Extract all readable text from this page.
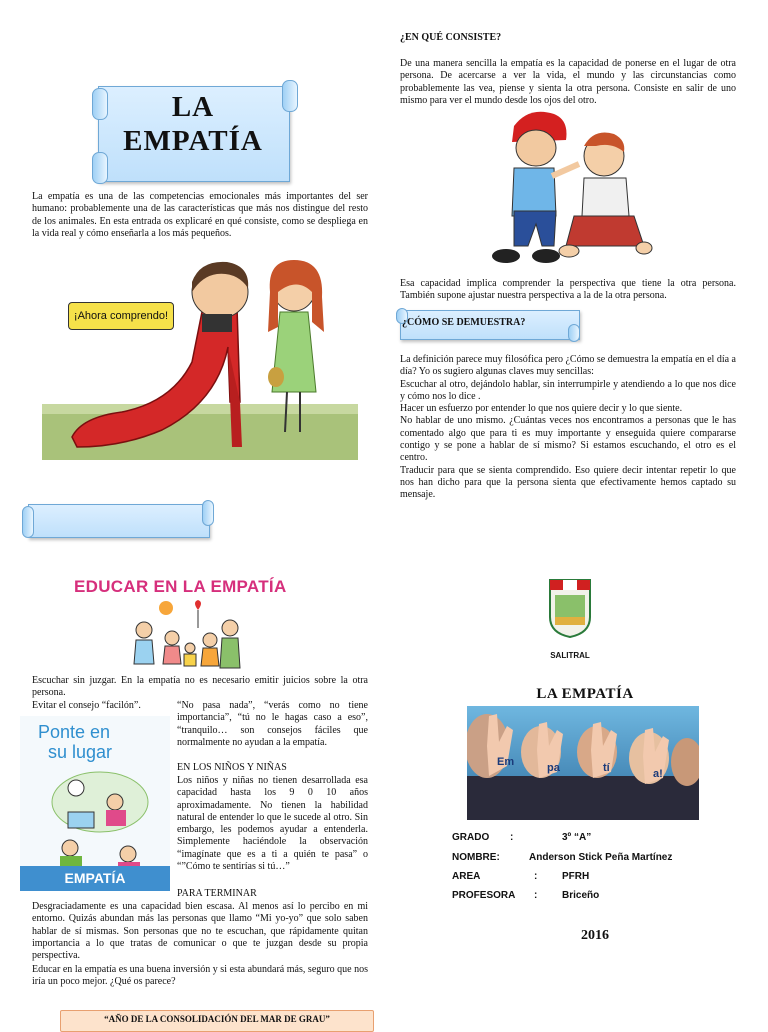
LA
EMPATÍA
La empatía es una de las competencias emocionales más importantes del ser humano: probablemente una de las características que más nos distingue del resto de los animales. En esta entrada os explicaré en qué consiste, como se despliega en la vida real y cómo enseñarla a los más pequeños.
¡Ahora comprendo!
¿EN QUÉ CONSISTE?
De una manera sencilla la empatía es la capacidad de ponerse en el lugar de otra persona. De acercarse a ver la vida, el mundo y las circunstancias como probablemente las vea, piense y sienta la otra persona. Consiste en salir de uno mismo para ver el mundo desde los ojos del otro.
Esa capacidad implica comprender la perspectiva que tiene la otra persona. También supone ajustar nuestra perspectiva a la de la otra persona.
¿CÓMO SE DEMUESTRA?

La definición parece muy filosófica pero ¿Cómo se demuestra la empatía en el día a día? Yo os sugiero algunas claves muy sencillas:

Escuchar al otro, dejándolo hablar, sin interrumpirle y atendiendo a lo que nos dice y cómo nos lo dice .

Hacer un esfuerzo por entender lo que nos quiere decir y lo que siente.

No hablar de uno mismo. ¿Cuántas veces nos encontramos a personas que le has comentado algo que para ti es muy importante y enseguida quiere compararse contigo y se pone a hablar de sí mismo? Si estamos escuchando, el otro es el centro.

Traducir para que se sienta comprendido. Eso quiere decir intentar repetir lo que nos han dicho para que la persona sienta que efectivamente hemos captado su mensaje.

EDUCAR EN LA EMPATÍA
Escuchar sin juzgar. En la empatía no es necesario emitir juicios sobre la otra persona.
Evitar el consejo “facilón”.	“No pasa nada”, “verás como no tiene importancia”, “tú no le hagas caso a eso”, “tranquilo… son consejos fáciles que normalmente no ayudan a la empatía.
Ponte en
su lugar
EMPATÍA
EN LOS NIÑOS Y NIÑAS
Los niños y niñas no tienen desarrollada esa capacidad hasta los 9 0 10 años aproximadamente. No tienen la habilidad natural de entender lo que le sucede al otro. Sin embargo, les podemos ayudar a entenderla. Simplemente haciéndole la observación “imagínate que es a ti a quién te pasa” o “”Cómo te sentirías si tú…”
PARA TERMINAR
Desgraciadamente es una capacidad bien escasa. Al menos así lo percibo en mi entorno. Quizás abundan más las personas que llamo “Mi yo-yo” que solo saben hablar de sí mismas. Son personas que no te escuchan, que rápidamente quitan importancia a lo que tratas de comunicar o que te juzgan desde su propia perspectiva.
Educar en la empatía es una buena inversión y si esta abundará más, seguro que nos iría un poco mejor. ¿Qué os parece?
“AÑO DE LA CONSOLIDACIÓN DEL MAR DE GRAU”
SALITRAL
LA EMPATÍA
Em	pa	tí	a!
GRADO :	3º “A”
NOMBRE:	Anderson Stick Peña Martínez
AREA	: PFRH
PROFESORA : Briceño
2016
